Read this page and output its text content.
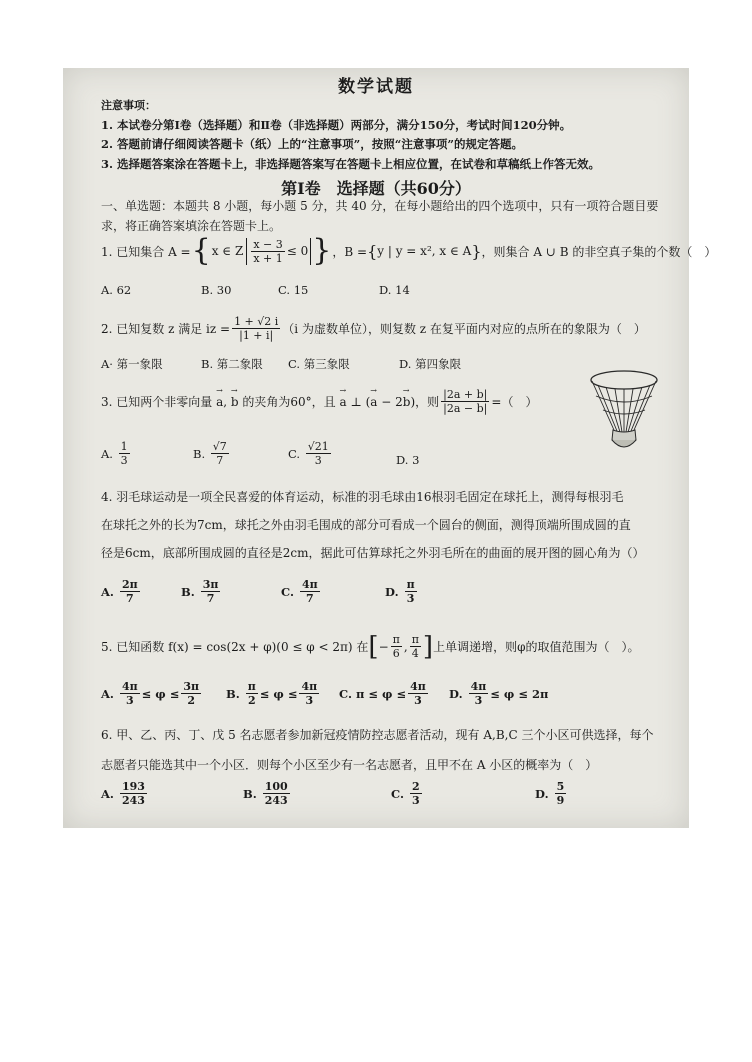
数学试题
注意事项：
1. 本试卷分第Ⅰ卷（选择题）和Ⅱ卷（非选择题）两部分，满分150分，考试时间120分钟。
2. 答题前请仔细阅读答题卡（纸）上的“注意事项”，按照“注意事项”的规定答题。
3. 选择题答案涂在答题卡上，非选择题答案写在答题卡上相应位置，在试卷和草稿纸上作答无效。
第Ⅰ卷　选择题（共60分）
一、单选题：本题共 8 小题，每小题 5 分，共 40 分，在每小题给出的四个选项中，只有一项符合题目要求，将正确答案填涂在答题卡上。
1. 已知集合 A = { x ∈ Z $\frac{x - 3}{x + 1} \le 0$ } ，B = { y | y = x², x ∈ A } ，则集合 A ∪ B 的非空真子集的个数（　）
A. 62	B. 30	C. 15	D. 14
2. 已知复数 z 满足 iz = $\frac{1 + √2 i}{|1 + i|} (i$ 为虚数单位），则复数 z 在复平面内对应的点所在的象限为（　）
A· 第一象限	B. 第二象限 C. 第三象限	D. 第四象限
3. 已知两个非零向量 → a, → b 的夹角为60°，且 → a ⊥ (→ a − 2→ b) ，则 $\frac{|2a + b|}{|2a - b|}$ =（　）
A. $\frac{1}{3}$	B. $\frac{√7}{7}$	C. $\frac{√21}{3}$	D. 3
4. 羽毛球运动是一项全民喜爱的体育运动，标准的羽毛球由16根羽毛固定在球托上，测得每根羽毛
在球托之外的长为7cm，球托之外由羽毛围成的部分可看成一个圆台的侧面，测得顶端所围成圆的直
径是6cm，底部所围成圆的直径是2cm，据此可估算球托之外羽毛所在的曲面的展开图的圆心角为（）
A. $\frac{2\pi}{7}$	B. $\frac{3\pi}{7}$	C. $\frac{4\pi}{7}$	D. $\frac{\pi}{3}$
5. 已知函数 f(x) = cos(2x + φ)(0 ≤ φ < 2π) 在 [ − $\frac{\pi}{6}$ , $\frac{\pi}{4}$ ] 上单调递增，则φ的取值范围为（　）。
A. $\frac{4\pi}{3} \le \varphi \le \frac{3\pi}{2} B$. $\frac{\pi}{2} \le \varphi \le \frac{4\pi}{3} C$. $\pi \le \varphi \le \frac{4\pi}{3} D$. $\frac{4\pi}{3} \le \varphi \le 2\pi$
6. 甲、乙、丙、丁、戊 5 名志愿者参加新冠疫情防控志愿者活动，现有 A,B,C 三个小区可供选择，每个
志愿者只能选其中一个小区．则每个小区至少有一名志愿者，且甲不在 A 小区的概率为（　）
A. $\frac{193}{243}$	B. $\frac{100}{243}$	C. $\frac{2}{3}$	D. $\frac{5}{9}$
